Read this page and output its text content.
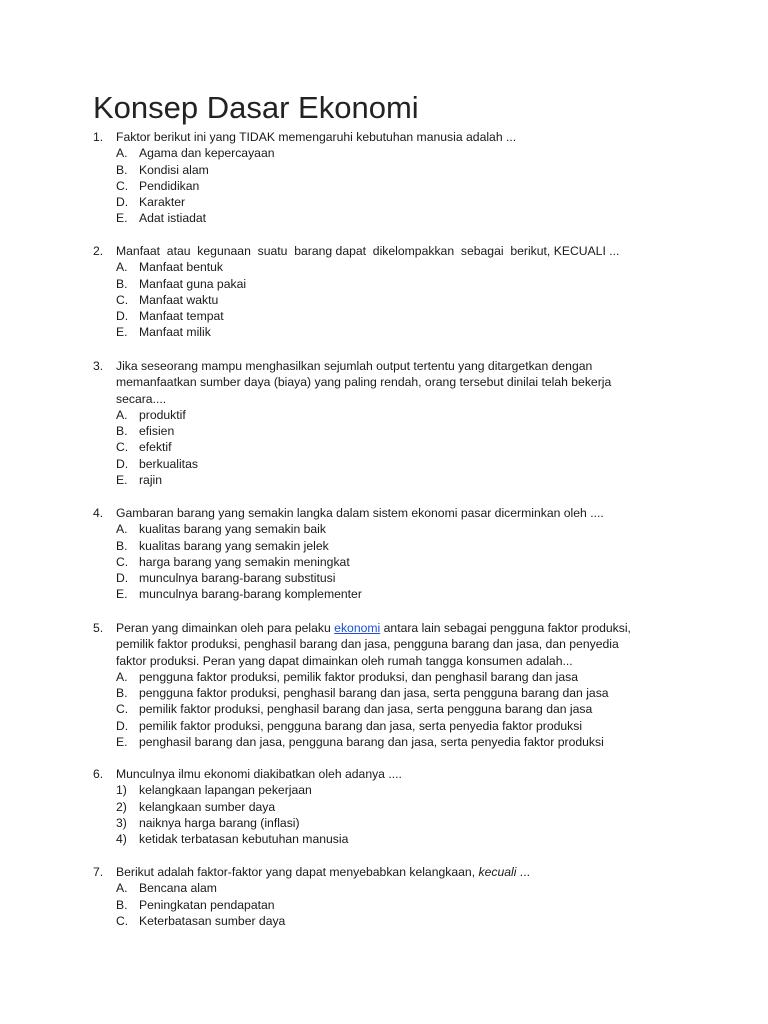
Konsep Dasar Ekonomi
1. Faktor berikut ini yang TIDAK memengaruhi kebutuhan manusia adalah ...
A. Agama dan kepercayaan
B. Kondisi alam
C. Pendidikan
D. Karakter
E. Adat istiadat
2. Manfaat  atau  kegunaan  suatu  barang dapat  dikelompakkan  sebagai  berikut, KECUALI ...
A. Manfaat bentuk
B. Manfaat guna pakai
C. Manfaat waktu
D. Manfaat tempat
E. Manfaat milik
3. Jika seseorang mampu menghasilkan sejumlah output tertentu yang ditargetkan dengan
memanfaatkan sumber daya (biaya) yang paling rendah, orang tersebut dinilai telah bekerja
secara....
A. produktif
B. efisien
C. efektif
D. berkualitas
E. rajin
4. Gambaran barang yang semakin langka dalam sistem ekonomi pasar dicerminkan oleh ....
A. kualitas barang yang semakin baik
B. kualitas barang yang semakin jelek
C. harga barang yang semakin meningkat
D. munculnya barang-barang substitusi
E. munculnya barang-barang komplementer
5. Peran yang dimainkan oleh para pelaku ekonomi antara lain sebagai pengguna faktor produksi,
pemilik faktor produksi, penghasil barang dan jasa, pengguna barang dan jasa, dan penyedia
faktor produksi. Peran yang dapat dimainkan oleh rumah tangga konsumen adalah...
A. pengguna faktor produksi, pemilik faktor produksi, dan penghasil barang dan jasa
B. pengguna faktor produksi, penghasil barang dan jasa, serta pengguna barang dan jasa
C. pemilik faktor produksi, penghasil barang dan jasa, serta pengguna barang dan jasa
D. pemilik faktor produksi, pengguna barang dan jasa, serta penyedia faktor produksi
E. penghasil barang dan jasa, pengguna barang dan jasa, serta penyedia faktor produksi
6. Munculnya ilmu ekonomi diakibatkan oleh adanya ....
1) kelangkaan lapangan pekerjaan
2) kelangkaan sumber daya
3) naiknya harga barang (inflasi)
4) ketidak terbatasan kebutuhan manusia
7. Berikut adalah faktor-faktor yang dapat menyebabkan kelangkaan, kecuali ...
A. Bencana alam
B. Peningkatan pendapatan
C. Keterbatasan sumber daya
